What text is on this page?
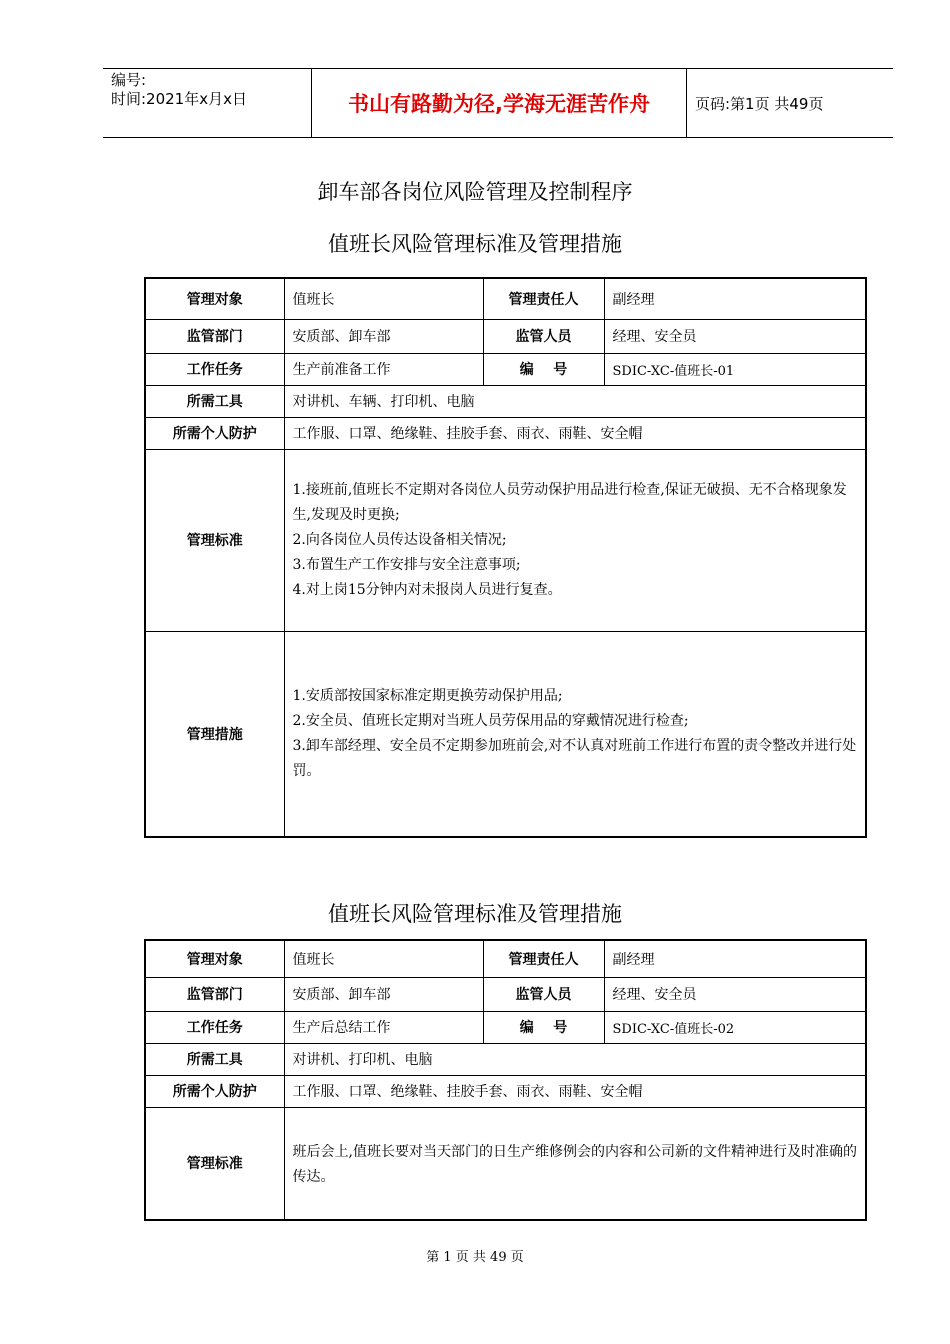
编号:
时间:2021年x月x日	书山有路勤为径,学海无涯苦作舟	页码:第1页 共49页
卸车部各岗位风险管理及控制程序
值班长风险管理标准及管理措施
管理对象	值班长	管理责任人	副经理
监管部门	安质部、卸车部	监管人员	经理、安全员
工作任务	生产前准备工作	编    号	SDIC-XC-值班长-01
所需工具	对讲机、车辆、打印机、电脑		
所需个人防护	工作服、口罩、绝缘鞋、挂胶手套、雨衣、雨鞋、安全帽		
管理标准	1.接班前,值班长不定期对各岗位人员劳动保护用品进行检查,保证无破损、无不合格现象发生,发现及时更换;
2.向各岗位人员传达设备相关情况;
3.布置生产工作安排与安全注意事项;
4.对上岗15分钟内对未报岗人员进行复查。		

管理措施	1.安质部按国家标准定期更换劳动保护用品;
2.安全员、值班长定期对当班人员劳保用品的穿戴情况进行检查;
3.卸车部经理、安全员不定期参加班前会,对不认真对班前工作进行布置的责令整改并进行处罚。		
值班长风险管理标准及管理措施
管理对象	值班长	管理责任人	副经理
监管部门	安质部、卸车部	监管人员	经理、安全员
工作任务	生产后总结工作	编    号	SDIC-XC-值班长-02
所需工具	对讲机、打印机、电脑		
所需个人防护	工作服、口罩、绝缘鞋、挂胶手套、雨衣、雨鞋、安全帽		
管理标准	班后会上,值班长要对当天部门的日生产维修例会的内容和公司新的文件精神进行及时准确的传达。		
第 1 页 共 49 页
